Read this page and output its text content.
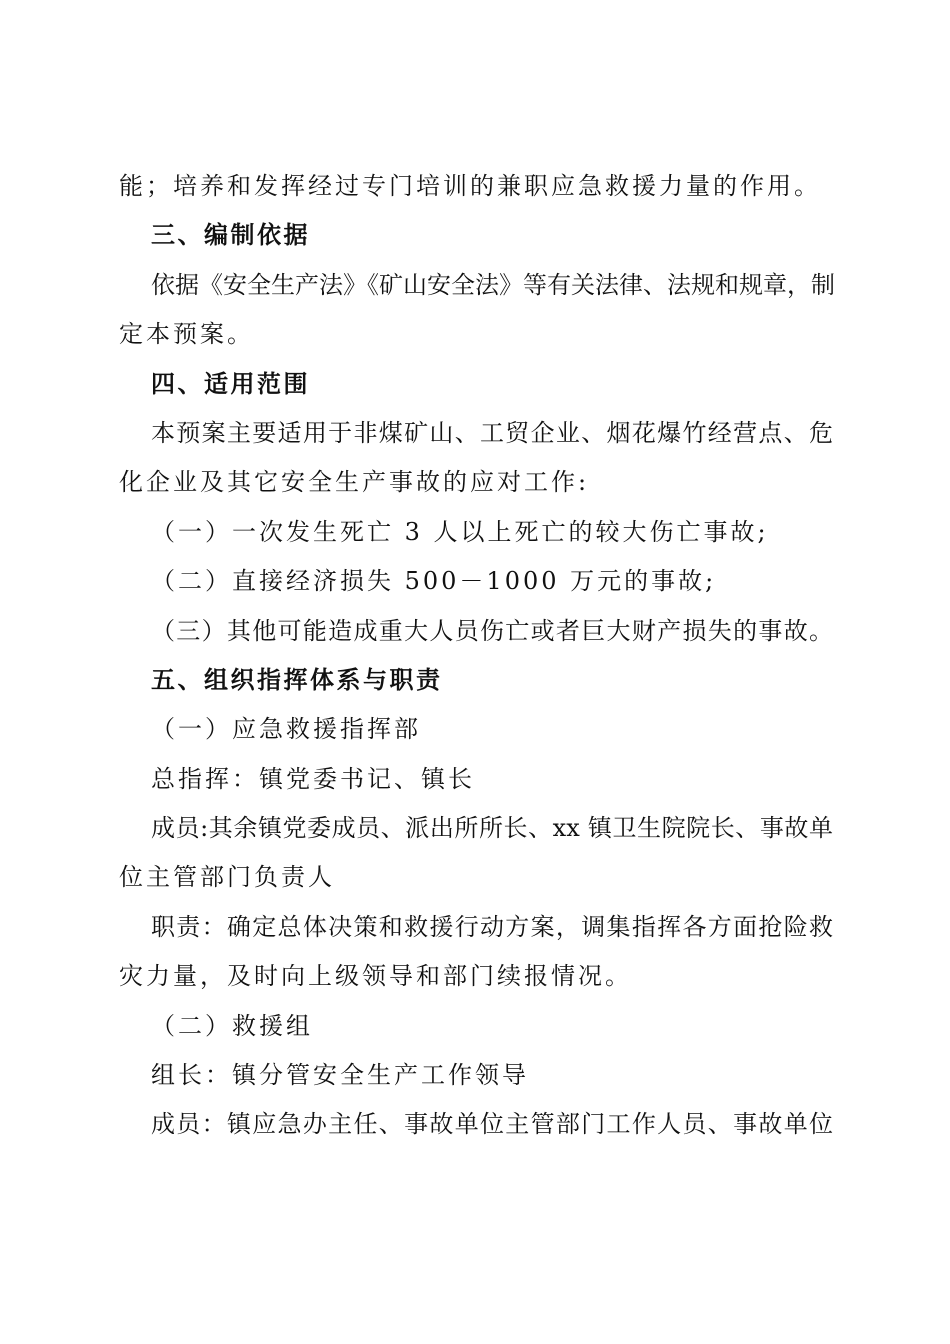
能；培养和发挥经过专门培训的兼职应急救援力量的作用。
三、编制依据
依据《安全生产法》《矿山安全法》等有关法律、法规和规章，制
定本预案。
四、适用范围
本预案主要适用于非煤矿山、工贸企业、烟花爆竹经营点、危
化企业及其它安全生产事故的应对工作:
（一）一次发生死亡 3 人以上死亡的较大伤亡事故;
（二）直接经济损失 500－1000 万元的事故;
（三）其他可能造成重大人员伤亡或者巨大财产损失的事故。
五、组织指挥体系与职责
（一）应急救援指挥部
总指挥：镇党委书记、镇长
成员:其余镇党委成员、派出所所长、xx 镇卫生院院长、事故单
位主管部门负责人
职责：确定总体决策和救援行动方案，调集指挥各方面抢险救
灾力量，及时向上级领导和部门续报情况。
（二）救援组
组长：镇分管安全生产工作领导
成员：镇应急办主任、事故单位主管部门工作人员、事故单位
